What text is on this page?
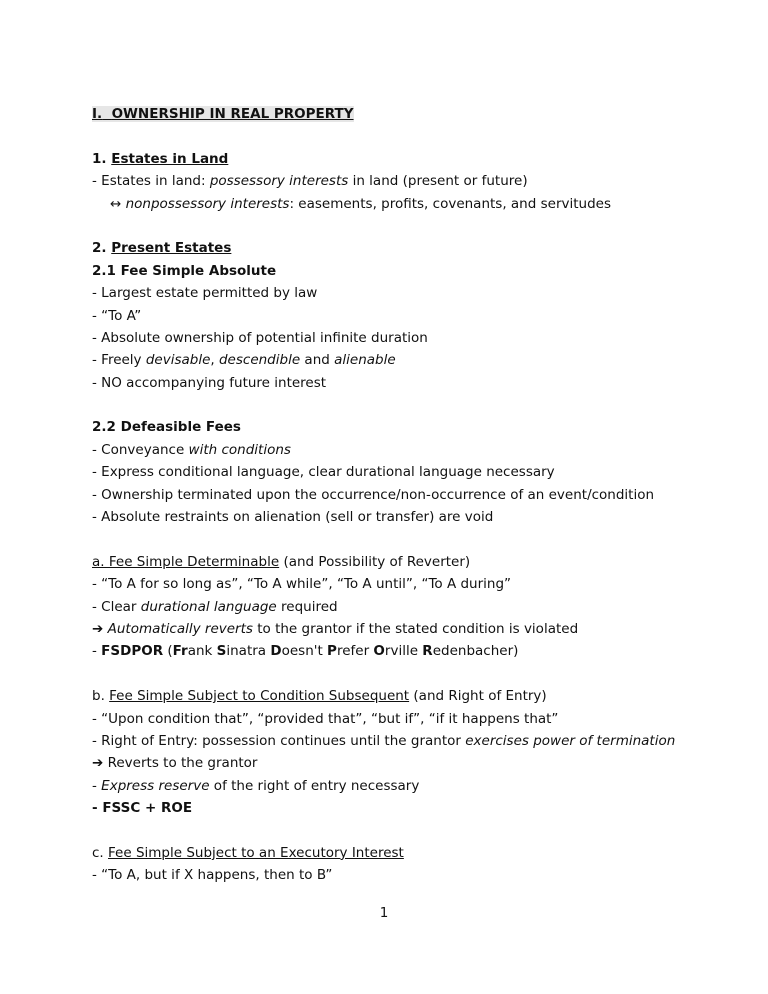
I. OWNERSHIP IN REAL PROPERTY
1. Estates in Land
- Estates in land: possessory interests in land (present or future)
↔ nonpossessory interests: easements, profits, covenants, and servitudes
2. Present Estates
2.1 Fee Simple Absolute
- Largest estate permitted by law
- “To A”
- Absolute ownership of potential infinite duration
- Freely devisable, descendible and alienable
- NO accompanying future interest
2.2 Defeasible Fees
- Conveyance with conditions
- Express conditional language, clear durational language necessary
- Ownership terminated upon the occurrence/non-occurrence of an event/condition
- Absolute restraints on alienation (sell or transfer) are void
a. Fee Simple Determinable (and Possibility of Reverter)
- “To A for so long as”, “To A while”, “To A until”, “To A during”
- Clear durational language required
➔ Automatically reverts to the grantor if the stated condition is violated
- FSDPOR (Frank Sinatra Doesn't Prefer Orville Redenbacher)
b. Fee Simple Subject to Condition Subsequent (and Right of Entry)
- “Upon condition that”, “provided that”, “but if”, “if it happens that”
- Right of Entry: possession continues until the grantor exercises power of termination
➔ Reverts to the grantor
- Express reserve of the right of entry necessary
- FSSC + ROE
c. Fee Simple Subject to an Executory Interest
- “To A, but if X happens, then to B”
1
